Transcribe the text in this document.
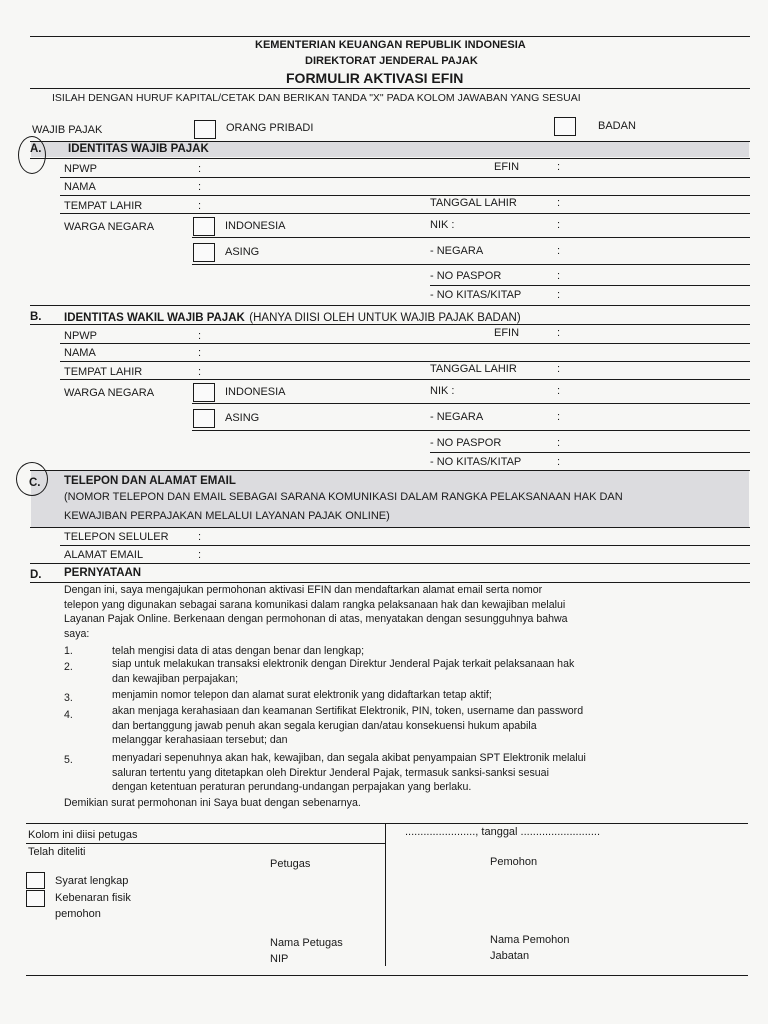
KEMENTERIAN KEUANGAN REPUBLIK INDONESIA
DIREKTORAT JENDERAL PAJAK
FORMULIR AKTIVASI EFIN
ISILAH DENGAN HURUF KAPITAL/CETAK DAN BERIKAN TANDA "X" PADA KOLOM JAWABAN YANG SESUAI
WAJIB PAJAK	ORANG PRIBADI	BADAN
A. IDENTITAS WAJIB PAJAK
NPWP	:	EFIN	:
NAMA	:
TEMPAT LAHIR	:	TANGGAL LAHIR	:
WARGA NEGARA	INDONESIA	NIK :	:
ASING	- NEGARA	:
- NO PASPOR	:
- NO KITAS/KITAP	:
B. IDENTITAS WAKIL WAJIB PAJAK (HANYA DIISI OLEH UNTUK WAJIB PAJAK BADAN)
NPWP	:	EFIN	:
NAMA	:
TEMPAT LAHIR	:	TANGGAL LAHIR	:
WARGA NEGARA	INDONESIA	NIK :	:
ASING	- NEGARA	:
- NO PASPOR	:
- NO KITAS/KITAP	:
C. TELEPON DAN ALAMAT EMAIL
(NOMOR TELEPON DAN EMAIL SEBAGAI SARANA KOMUNIKASI DALAM RANGKA PELAKSANAAN HAK DAN
KEWAJIBAN PERPAJAKAN MELALUI LAYANAN PAJAK ONLINE)
TELEPON SELULER	:
ALAMAT EMAIL	:
D. PERNYATAAN
Dengan ini, saya mengajukan permohonan aktivasi EFIN dan mendaftarkan alamat email serta nomor
telepon yang digunakan sebagai sarana komunikasi dalam rangka pelaksanaan hak dan kewajiban melalui
Layanan Pajak Online. Berkenaan dengan permohonan di atas, menyatakan dengan sesungguhnya bahwa
saya:
1.	telah mengisi data di atas dengan benar dan lengkap;
2.	siap untuk melakukan transaksi elektronik dengan Direktur Jenderal Pajak terkait pelaksanaan hak
dan kewajiban perpajakan;
3.	menjamin nomor telepon dan alamat surat elektronik yang didaftarkan tetap aktif;
4.	akan menjaga kerahasiaan dan keamanan Sertifikat Elektronik, PIN, token, username dan password
dan bertanggung jawab penuh akan segala kerugian dan/atau konsekuensi hukum apabila
melanggar kerahasiaan tersebut; dan
5.	menyadari sepenuhnya akan hak, kewajiban, dan segala akibat penyampaian SPT Elektronik melalui
saluran tertentu yang ditetapkan oleh Direktur Jenderal Pajak, termasuk sanksi-sanksi sesuai
dengan ketentuan peraturan perundang-undangan perpajakan yang berlaku.
Demikian surat permohonan ini Saya buat dengan sebenarnya.
Kolom ini diisi petugas
Telah diteliti
Petugas
Syarat lengkap
Kebenaran fisik
pemohon
Nama Petugas
NIP
......................., tanggal ..........................
Pemohon
Nama Pemohon
Jabatan
